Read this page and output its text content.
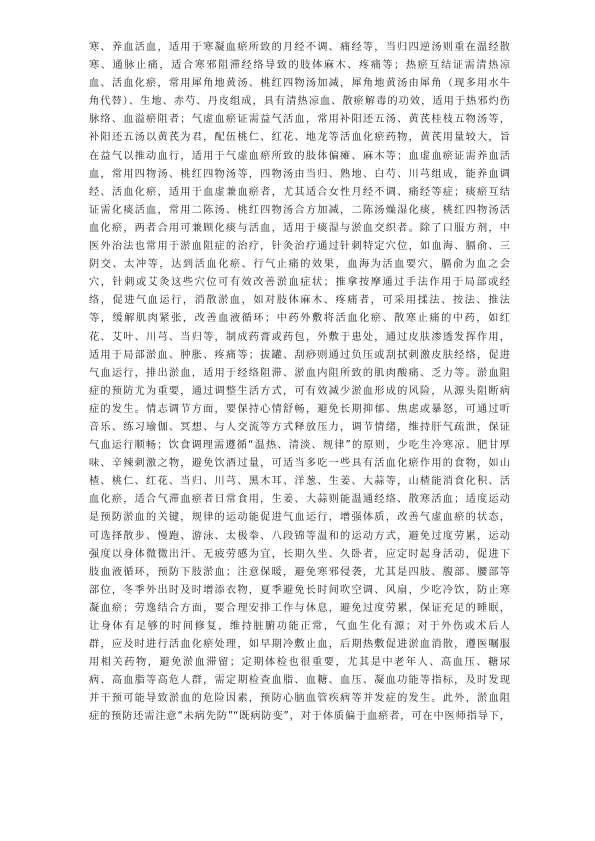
寒、养血活血，适用于寒凝血瘀所致的月经不调、痛经等，当归四逆汤则重在温经散
寒、通脉止痛，适合寒邪阻滞经络导致的肢体麻木、疼痛等；热瘀互结证需清热凉
血、活血化瘀，常用犀角地黄汤、桃红四物汤加减，犀角地黄汤由犀角（现多用水牛
角代替）、生地、赤芍、丹皮组成，具有清热凉血、散瘀解毒的功效，适用于热邪灼伤
脉络、血溢瘀阻者；气虚血瘀证需益气活血，常用补阳还五汤、黄芪桂枝五物汤等，
补阳还五汤以黄芪为君，配伍桃仁、红花、地龙等活血化瘀药物，黄芪用量较大，旨
在益气以推动血行，适用于气虚血瘀所致的肢体偏瘫、麻木等；血虚血瘀证需养血活
血，常用四物汤、桃红四物汤等，四物汤由当归、熟地、白芍、川芎组成，能养血调
经、活血化瘀，适用于血虚兼血瘀者，尤其适合女性月经不调、痛经等症；痰瘀互结
证需化痰活血，常用二陈汤、桃红四物汤合方加减，二陈汤燥湿化痰，桃红四物汤活
血化瘀，两者合用可兼顾化痰与活血，适用于痰湿与淤血交织者。除了口服方剂，中
医外治法也常用于淤血阻症的治疗，针灸治疗通过针刺特定穴位，如血海、膈俞、三
阴交、太冲等，达到活血化瘀、行气止痛的效果，血海为活血要穴，膈俞为血之会
穴，针刺或艾灸这些穴位可有效改善淤血症状；推拿按摩通过手法作用于局部或经
络，促进气血运行，消散淤血，如对肢体麻木、疼痛者，可采用揉法、按法、推法
等，缓解肌肉紧张，改善血液循环；中药外敷将活血化瘀、散寒止痛的中药，如红
花、艾叶、川芎、当归等，制成药膏或药包，外敷于患处，通过皮肤渗透发挥作用，
适用于局部淤血、肿胀、疼痛等；拔罐、刮痧则通过负压或刮拭刺激皮肤经络，促进
气血运行，排出淤血，适用于经络阻滞、淤血内阻所致的肌肉酸痛、乏力等。淤血阻
症的预防尤为重要，通过调整生活方式，可有效减少淤血形成的风险，从源头阻断病
症的发生。情志调节方面，要保持心情舒畅，避免长期抑郁、焦虑或暴怒，可通过听
音乐、练习瑜伽、冥想、与人交流等方式释放压力，调节情绪，维持肝气疏泄，保证
气血运行顺畅；饮食调理需遵循“温热、清淡、规律”的原则，少吃生冷寒凉、肥甘厚
味、辛辣刺激之物，避免饮酒过量，可适当多吃一些具有活血化瘀作用的食物，如山
楂、桃仁、红花、当归、川芎、黑木耳、洋葱、生姜、大蒜等，山楂能消食化积、活
血化瘀，适合气滞血瘀者日常食用，生姜、大蒜则能温通经络、散寒活血；适度运动
是预防淤血的关键，规律的运动能促进气血运行，增强体质，改善气虚血瘀的状态，
可选择散步、慢跑、游泳、太极拳、八段锦等温和的运动方式，避免过度劳累，运动
强度以身体微微出汗、无疲劳感为宜，长期久坐、久卧者，应定时起身活动，促进下
肢血液循环，预防下肢淤血；注意保暖，避免寒邪侵袭，尤其是四肢、腹部、腰部等
部位，冬季外出时及时增添衣物，夏季避免长时间吹空调、风扇，少吃冷饮，防止寒
凝血瘀；劳逸结合方面，要合理安排工作与休息，避免过度劳累，保证充足的睡眠，
让身体有足够的时间修复，维持脏腑功能正常，气血生化有源；对于外伤或术后人
群，应及时进行活血化瘀处理，如早期冷敷止血，后期热敷促进淤血消散，遵医嘱服
用相关药物，避免淤血滞留；定期体检也很重要，尤其是中老年人、高血压、糖尿
病、高血脂等高危人群，需定期检查血脂、血糖、血压、凝血功能等指标，及时发现
并干预可能导致淤血的危险因素，预防心脑血管疾病等并发症的发生。此外，淤血阻
症的预防还需注意“未病先防”“既病防变”，对于体质偏于血瘀者，可在中医师指导下，
